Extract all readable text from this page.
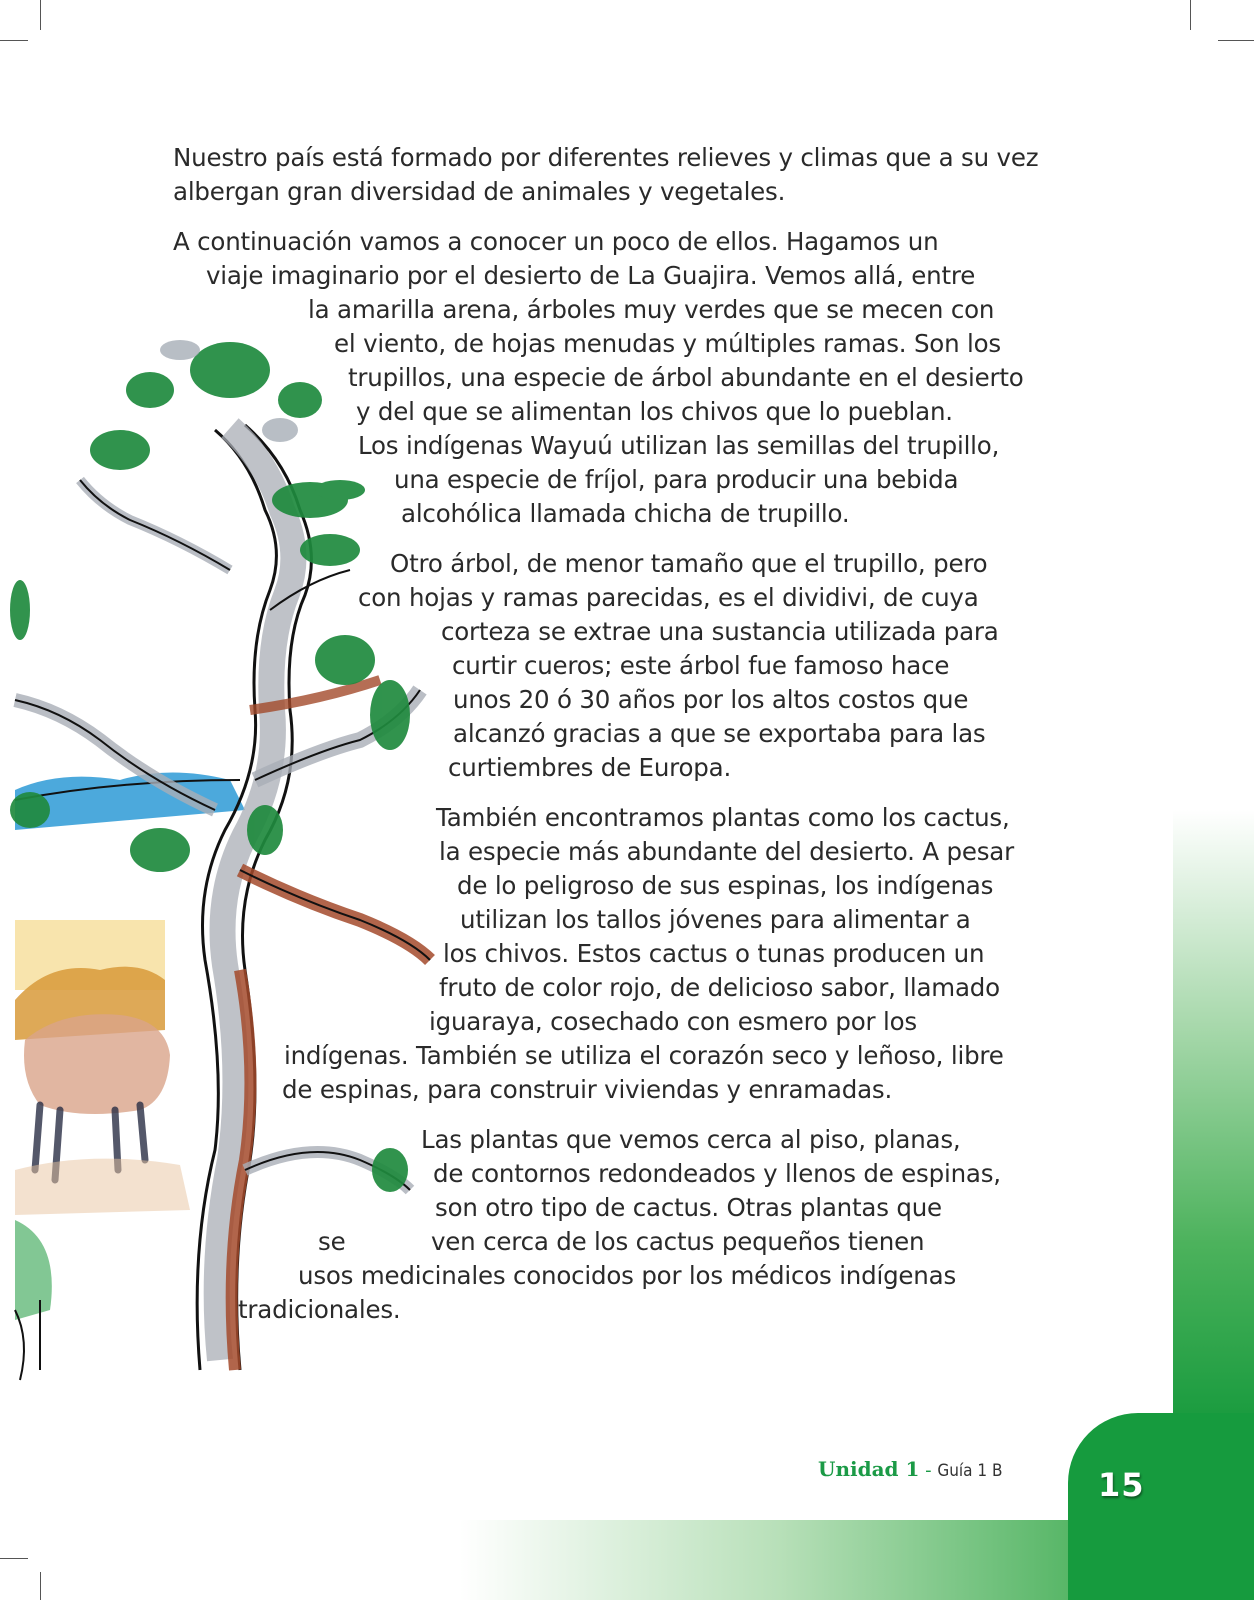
Nuestro país está formado por diferentes relieves y climas que a su vez
albergan gran diversidad de animales y vegetales.
A continuación vamos a conocer un poco de ellos. Hagamos un
viaje imaginario por el desierto de La Guajira. Vemos allá, entre
la amarilla arena, árboles muy verdes que se mecen con
el viento, de hojas menudas y múltiples ramas. Son los
trupillos, una especie de árbol abundante en el desierto
y del que se alimentan los chivos que lo pueblan.
Los indígenas Wayuú utilizan las semillas del trupillo,
una especie de fríjol, para producir una bebida
alcohólica llamada chicha de trupillo.
Otro árbol, de menor tamaño que el trupillo, pero
con hojas y ramas parecidas, es el dividivi, de cuya
corteza se extrae una sustancia utilizada para
curtir cueros; este árbol fue famoso hace
unos 20 ó 30 años por los altos costos que
alcanzó gracias a que se exportaba para las
curtiembres de Europa.
También encontramos plantas como los cactus,
la especie más abundante del desierto. A pesar
de lo peligroso de sus espinas, los indígenas
utilizan los tallos jóvenes para alimentar a
los chivos. Estos cactus o tunas producen un
fruto de color rojo, de delicioso sabor, llamado
iguaraya, cosechado con esmero por los
indígenas. También se utiliza el corazón seco y leñoso, libre
de espinas, para construir viviendas y enramadas.
Las plantas que vemos cerca al piso, planas,
de contornos redondeados y llenos de espinas,
son otro tipo de cactus. Otras plantas que
se	ven cerca de los cactus pequeños tienen
usos medicinales conocidos por los médicos indígenas
tradicionales.
Unidad 1 - Guía 1 B	15
